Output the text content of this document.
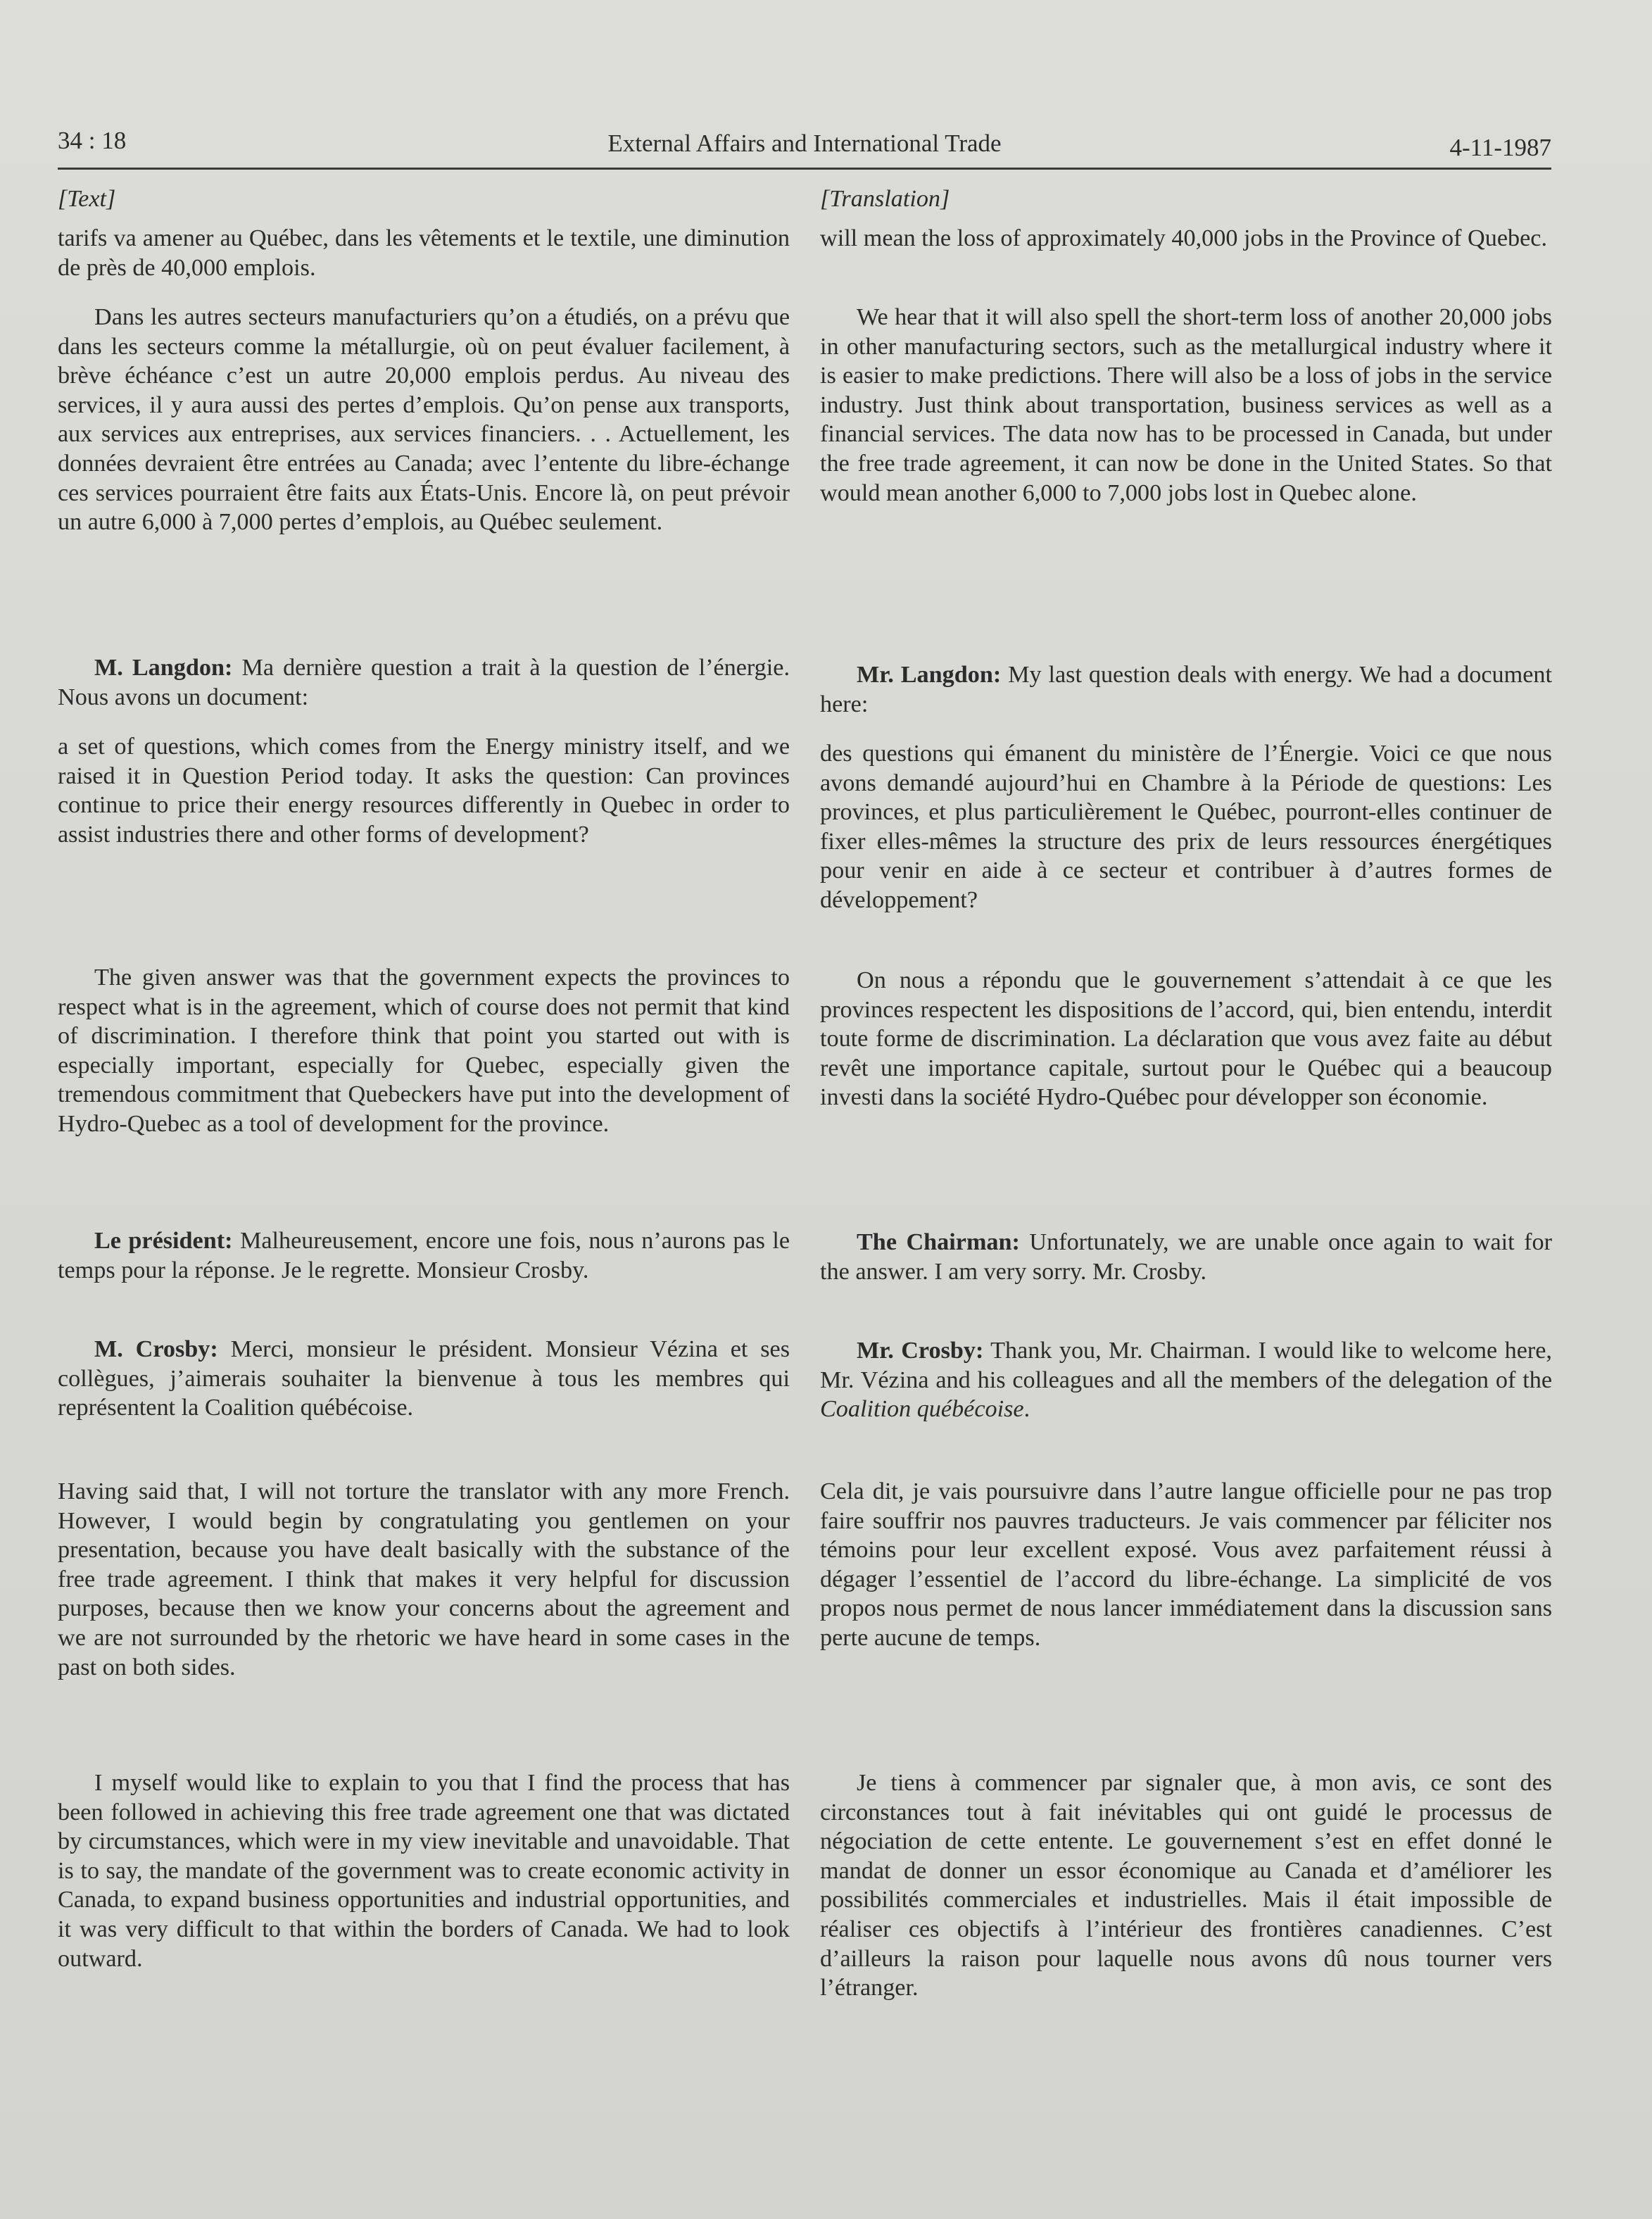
34 : 18	External Affairs and International Trade	4-11-1987
[Text]

tarifs va amener au Québec, dans les vêtements et le textile, une diminution de près de 40,000 emplois.

Dans les autres secteurs manufacturiers qu’on a étudiés, on a prévu que dans les secteurs comme la métallurgie, où on peut évaluer facilement, à brève échéance c’est un autre 20,000 emplois perdus. Au niveau des services, il y aura aussi des pertes d’emplois. Qu’on pense aux transports, aux services aux entreprises, aux services financiers. . . Actuellement, les données devraient être entrées au Canada; avec l’entente du libre-échange ces services pourraient être faits aux États-Unis. Encore là, on peut prévoir un autre 6,000 à 7,000 pertes d’emplois, au Québec seulement.

M. Langdon: Ma dernière question a trait à la question de l’énergie. Nous avons un document:

a set of questions, which comes from the Energy ministry itself, and we raised it in Question Period today. It asks the question: Can provinces continue to price their energy resources differently in Quebec in order to assist industries there and other forms of development?

The given answer was that the government expects the provinces to respect what is in the agreement, which of course does not permit that kind of discrimination. I therefore think that point you started out with is especially important, especially for Quebec, especially given the tremendous commitment that Quebeckers have put into the development of Hydro-Quebec as a tool of development for the province.

Le président: Malheureusement, encore une fois, nous n’aurons pas le temps pour la réponse. Je le regrette. Monsieur Crosby.

M. Crosby: Merci, monsieur le président. Monsieur Vézina et ses collègues, j’aimerais souhaiter la bienvenue à tous les membres qui représentent la Coalition québécoise.

Having said that, I will not torture the translator with any more French. However, I would begin by congratulating you gentlemen on your presentation, because you have dealt basically with the substance of the free trade agreement. I think that makes it very helpful for discussion purposes, because then we know your concerns about the agreement and we are not surrounded by the rhetoric we have heard in some cases in the past on both sides.

I myself would like to explain to you that I find the process that has been followed in achieving this free trade agreement one that was dictated by circumstances, which were in my view inevitable and unavoidable. That is to say, the mandate of the government was to create economic activity in Canada, to expand business opportunities and industrial opportunities, and it was very difficult to that within the borders of Canada. We had to look outward.

[Translation]

will mean the loss of approximately 40,000 jobs in the Province of Quebec.

We hear that it will also spell the short-term loss of another 20,000 jobs in other manufacturing sectors, such as the metallurgical industry where it is easier to make predictions. There will also be a loss of jobs in the service industry. Just think about transportation, business services as well as a financial services. The data now has to be processed in Canada, but under the free trade agreement, it can now be done in the United States. So that would mean another 6,000 to 7,000 jobs lost in Quebec alone.

Mr. Langdon: My last question deals with energy. We had a document here:

des questions qui émanent du ministère de l’Énergie. Voici ce que nous avons demandé aujourd’hui en Chambre à la Période de questions: Les provinces, et plus particulièrement le Québec, pourront-elles continuer de fixer elles-mêmes la structure des prix de leurs ressources énergétiques pour venir en aide à ce secteur et contribuer à d’autres formes de développement?

On nous a répondu que le gouvernement s’attendait à ce que les provinces respectent les dispositions de l’accord, qui, bien entendu, interdit toute forme de discrimination. La déclaration que vous avez faite au début revêt une importance capitale, surtout pour le Québec qui a beaucoup investi dans la société Hydro-Québec pour développer son économie.

The Chairman: Unfortunately, we are unable once again to wait for the answer. I am very sorry. Mr. Crosby.

Mr. Crosby: Thank you, Mr. Chairman. I would like to welcome here, Mr. Vézina and his colleagues and all the members of the delegation of the Coalition québécoise.

Cela dit, je vais poursuivre dans l’autre langue officielle pour ne pas trop faire souffrir nos pauvres traducteurs. Je vais commencer par féliciter nos témoins pour leur excellent exposé. Vous avez parfaitement réussi à dégager l’essentiel de l’accord du libre-échange. La simplicité de vos propos nous permet de nous lancer immédiatement dans la discussion sans perte aucune de temps.

Je tiens à commencer par signaler que, à mon avis, ce sont des circonstances tout à fait inévitables qui ont guidé le processus de négociation de cette entente. Le gouvernement s’est en effet donné le mandat de donner un essor économique au Canada et d’améliorer les possibilités commerciales et industrielles. Mais il était impossible de réaliser ces objectifs à l’intérieur des frontières canadiennes. C’est d’ailleurs la raison pour laquelle nous avons dû nous tourner vers l’étranger.
